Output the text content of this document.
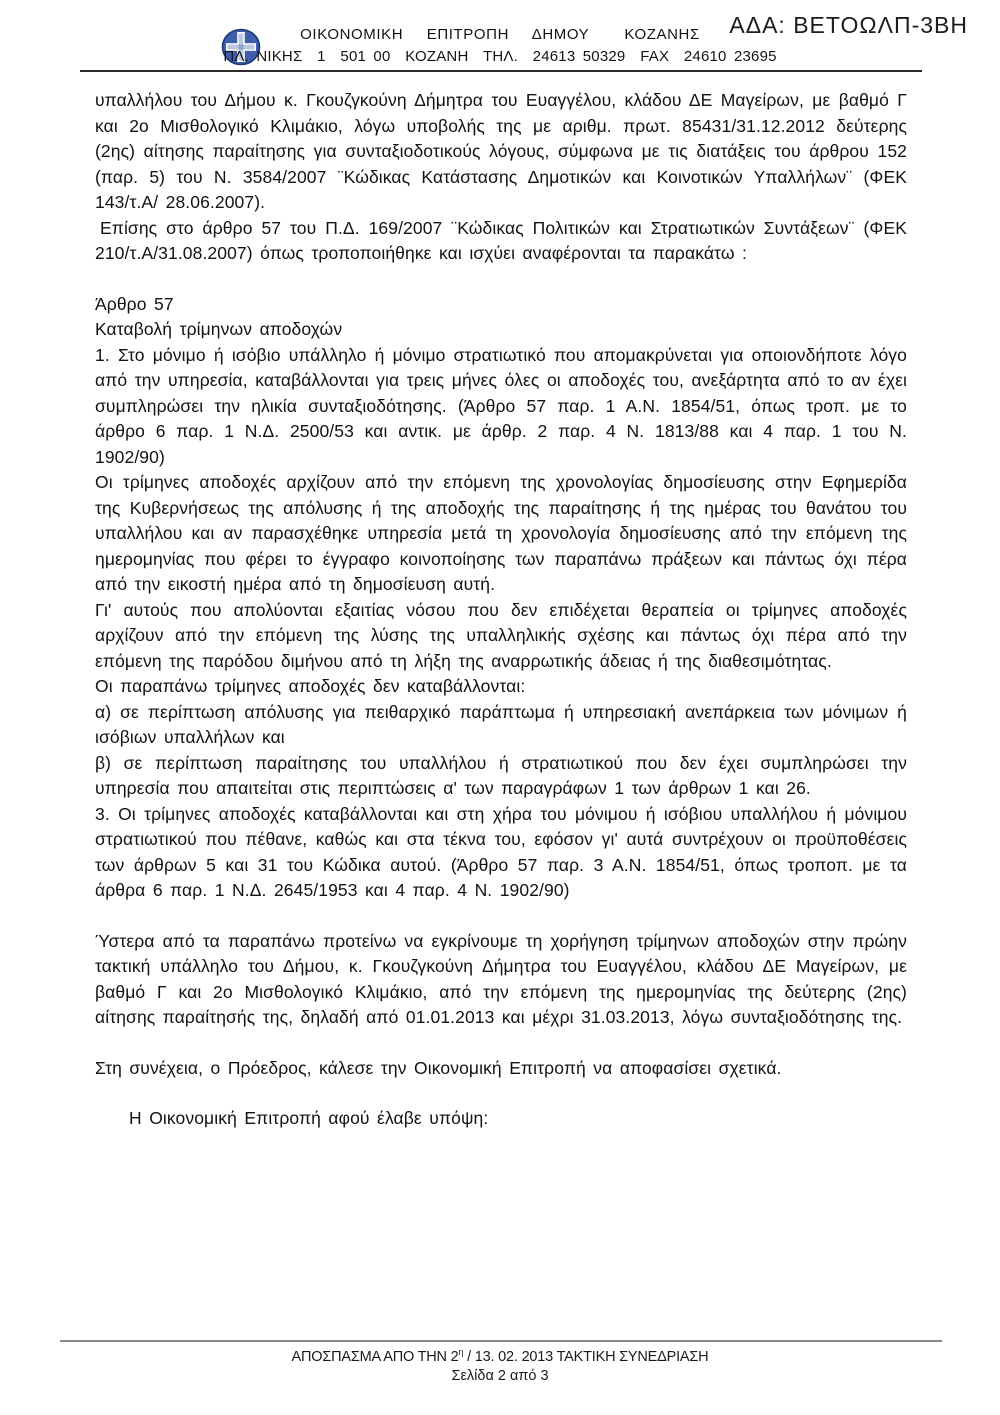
ΟΙΚΟΝΟΜΙΚΗ  ΕΠΙΤΡΟΠΗ  ΔΗΜΟΥ   ΚΟΖΑΝΗΣ
ΠΛ. ΝΙΚΗΣ  1  501 00  ΚΟΖΑΝΗ  ΤΗΛ.  24613 50329  FAX  24610 23695
ΑΔΑ: ΒΕΤΟΩΛΠ-3ΒΗ

υπαλλήλου του Δήμου κ. Γκουζγκούνη Δήμητρα του Ευαγγέλου, κλάδου ΔΕ Μαγείρων, με βαθμό Γ και 2ο Μισθολογικό Κλιμάκιο, λόγω υποβολής της με αριθμ. πρωτ. 85431/31.12.2012 δεύτερης (2ης) αίτησης παραίτησης για συνταξιοδοτικούς λόγους, σύμφωνα με τις διατάξεις του άρθρου 152 (παρ. 5) του Ν. 3584/2007 ¨Κώδικας Κατάστασης Δημοτικών και Κοινοτικών Υπαλλήλων¨ (ΦΕΚ 143/τ.Α/ 28.06.2007).

Επίσης στο άρθρο 57 του Π.Δ. 169/2007 ¨Κώδικας Πολιτικών και Στρατιωτικών Συντάξεων¨ (ΦΕΚ 210/τ.Α/31.08.2007) όπως τροποποιήθηκε και ισχύει αναφέρονται τα παρακάτω :

Άρθρο 57

Καταβολή τρίμηνων αποδοχών

1. Στο μόνιμο ή ισόβιο υπάλληλο ή μόνιμο στρατιωτικό που απομακρύνεται για οποιονδήποτε λόγο από την υπηρεσία, καταβάλλονται για τρεις μήνες όλες οι αποδοχές του, ανεξάρτητα από το αν έχει συμπληρώσει την ηλικία συνταξιοδότησης. (Άρθρο 57 παρ. 1 Α.Ν. 1854/51, όπως τροπ. με το άρθρο 6 παρ. 1 Ν.Δ. 2500/53 και αντικ. με άρθρ. 2 παρ. 4 Ν. 1813/88 και 4 παρ. 1 του Ν. 1902/90)

Οι τρίμηνες αποδοχές αρχίζουν από την επόμενη της χρονολογίας δημοσίευσης στην Εφημερίδα της Κυβερνήσεως της απόλυσης ή της αποδοχής της παραίτησης ή της ημέρας του θανάτου του υπαλλήλου και αν παρασχέθηκε υπηρεσία μετά τη χρονολογία δημοσίευσης από την επόμενη της ημερομηνίας που φέρει το έγγραφο κοινοποίησης των παραπάνω πράξεων και πάντως όχι πέρα από την εικοστή ημέρα από τη δημοσίευση αυτή.

Γι' αυτούς που απολύονται εξαιτίας νόσου που δεν επιδέχεται θεραπεία οι τρίμηνες αποδοχές αρχίζουν από την επόμενη της λύσης της υπαλληλικής σχέσης και πάντως όχι πέρα από την επόμενη της παρόδου διμήνου από τη λήξη της αναρρωτικής άδειας ή της διαθεσιμότητας.

Οι παραπάνω τρίμηνες αποδοχές δεν καταβάλλονται:

α) σε περίπτωση απόλυσης για πειθαρχικό παράπτωμα ή υπηρεσιακή ανεπάρκεια των μόνιμων ή ισόβιων υπαλλήλων και

β) σε περίπτωση παραίτησης του υπαλλήλου ή στρατιωτικού που δεν έχει συμπληρώσει την υπηρεσία που απαιτείται στις περιπτώσεις α' των παραγράφων 1 των άρθρων 1 και 26.

3. Οι τρίμηνες αποδοχές καταβάλλονται και στη χήρα του μόνιμου ή ισόβιου υπαλλήλου ή μόνιμου στρατιωτικού που πέθανε, καθώς και στα τέκνα του, εφόσον γι' αυτά συντρέχουν οι προϋποθέσεις των άρθρων 5 και 31 του Κώδικα αυτού. (Άρθρο 57 παρ. 3 Α.Ν. 1854/51, όπως τροποπ. με τα άρθρα 6 παρ. 1 Ν.Δ. 2645/1953 και 4 παρ. 4 Ν. 1902/90)

Ύστερα από τα παραπάνω προτείνω να εγκρίνουμε τη χορήγηση τρίμηνων αποδοχών στην πρώην τακτική υπάλληλο του Δήμου, κ. Γκουζγκούνη Δήμητρα του Ευαγγέλου, κλάδου ΔΕ Μαγείρων, με βαθμό Γ και 2ο Μισθολογικό Κλιμάκιο, από την επόμενη της ημερομηνίας της δεύτερης (2ης) αίτησης παραίτησής της, δηλαδή από 01.01.2013 και μέχρι 31.03.2013, λόγω συνταξιοδότησης της.

Στη συνέχεια, ο Πρόεδρος, κάλεσε την Οικονομική Επιτροπή να αποφασίσει σχετικά.

Η Οικονομική Επιτροπή αφού έλαβε υπόψη:

ΑΠΟΣΠΑΣΜΑ ΑΠΟ ΤΗΝ $2^\eta / 13$. 02. 2013 ΤΑΚΤΙΚΗ ΣΥΝΕΔΡΙΑΣΗ
Σελίδα 2 από 3
